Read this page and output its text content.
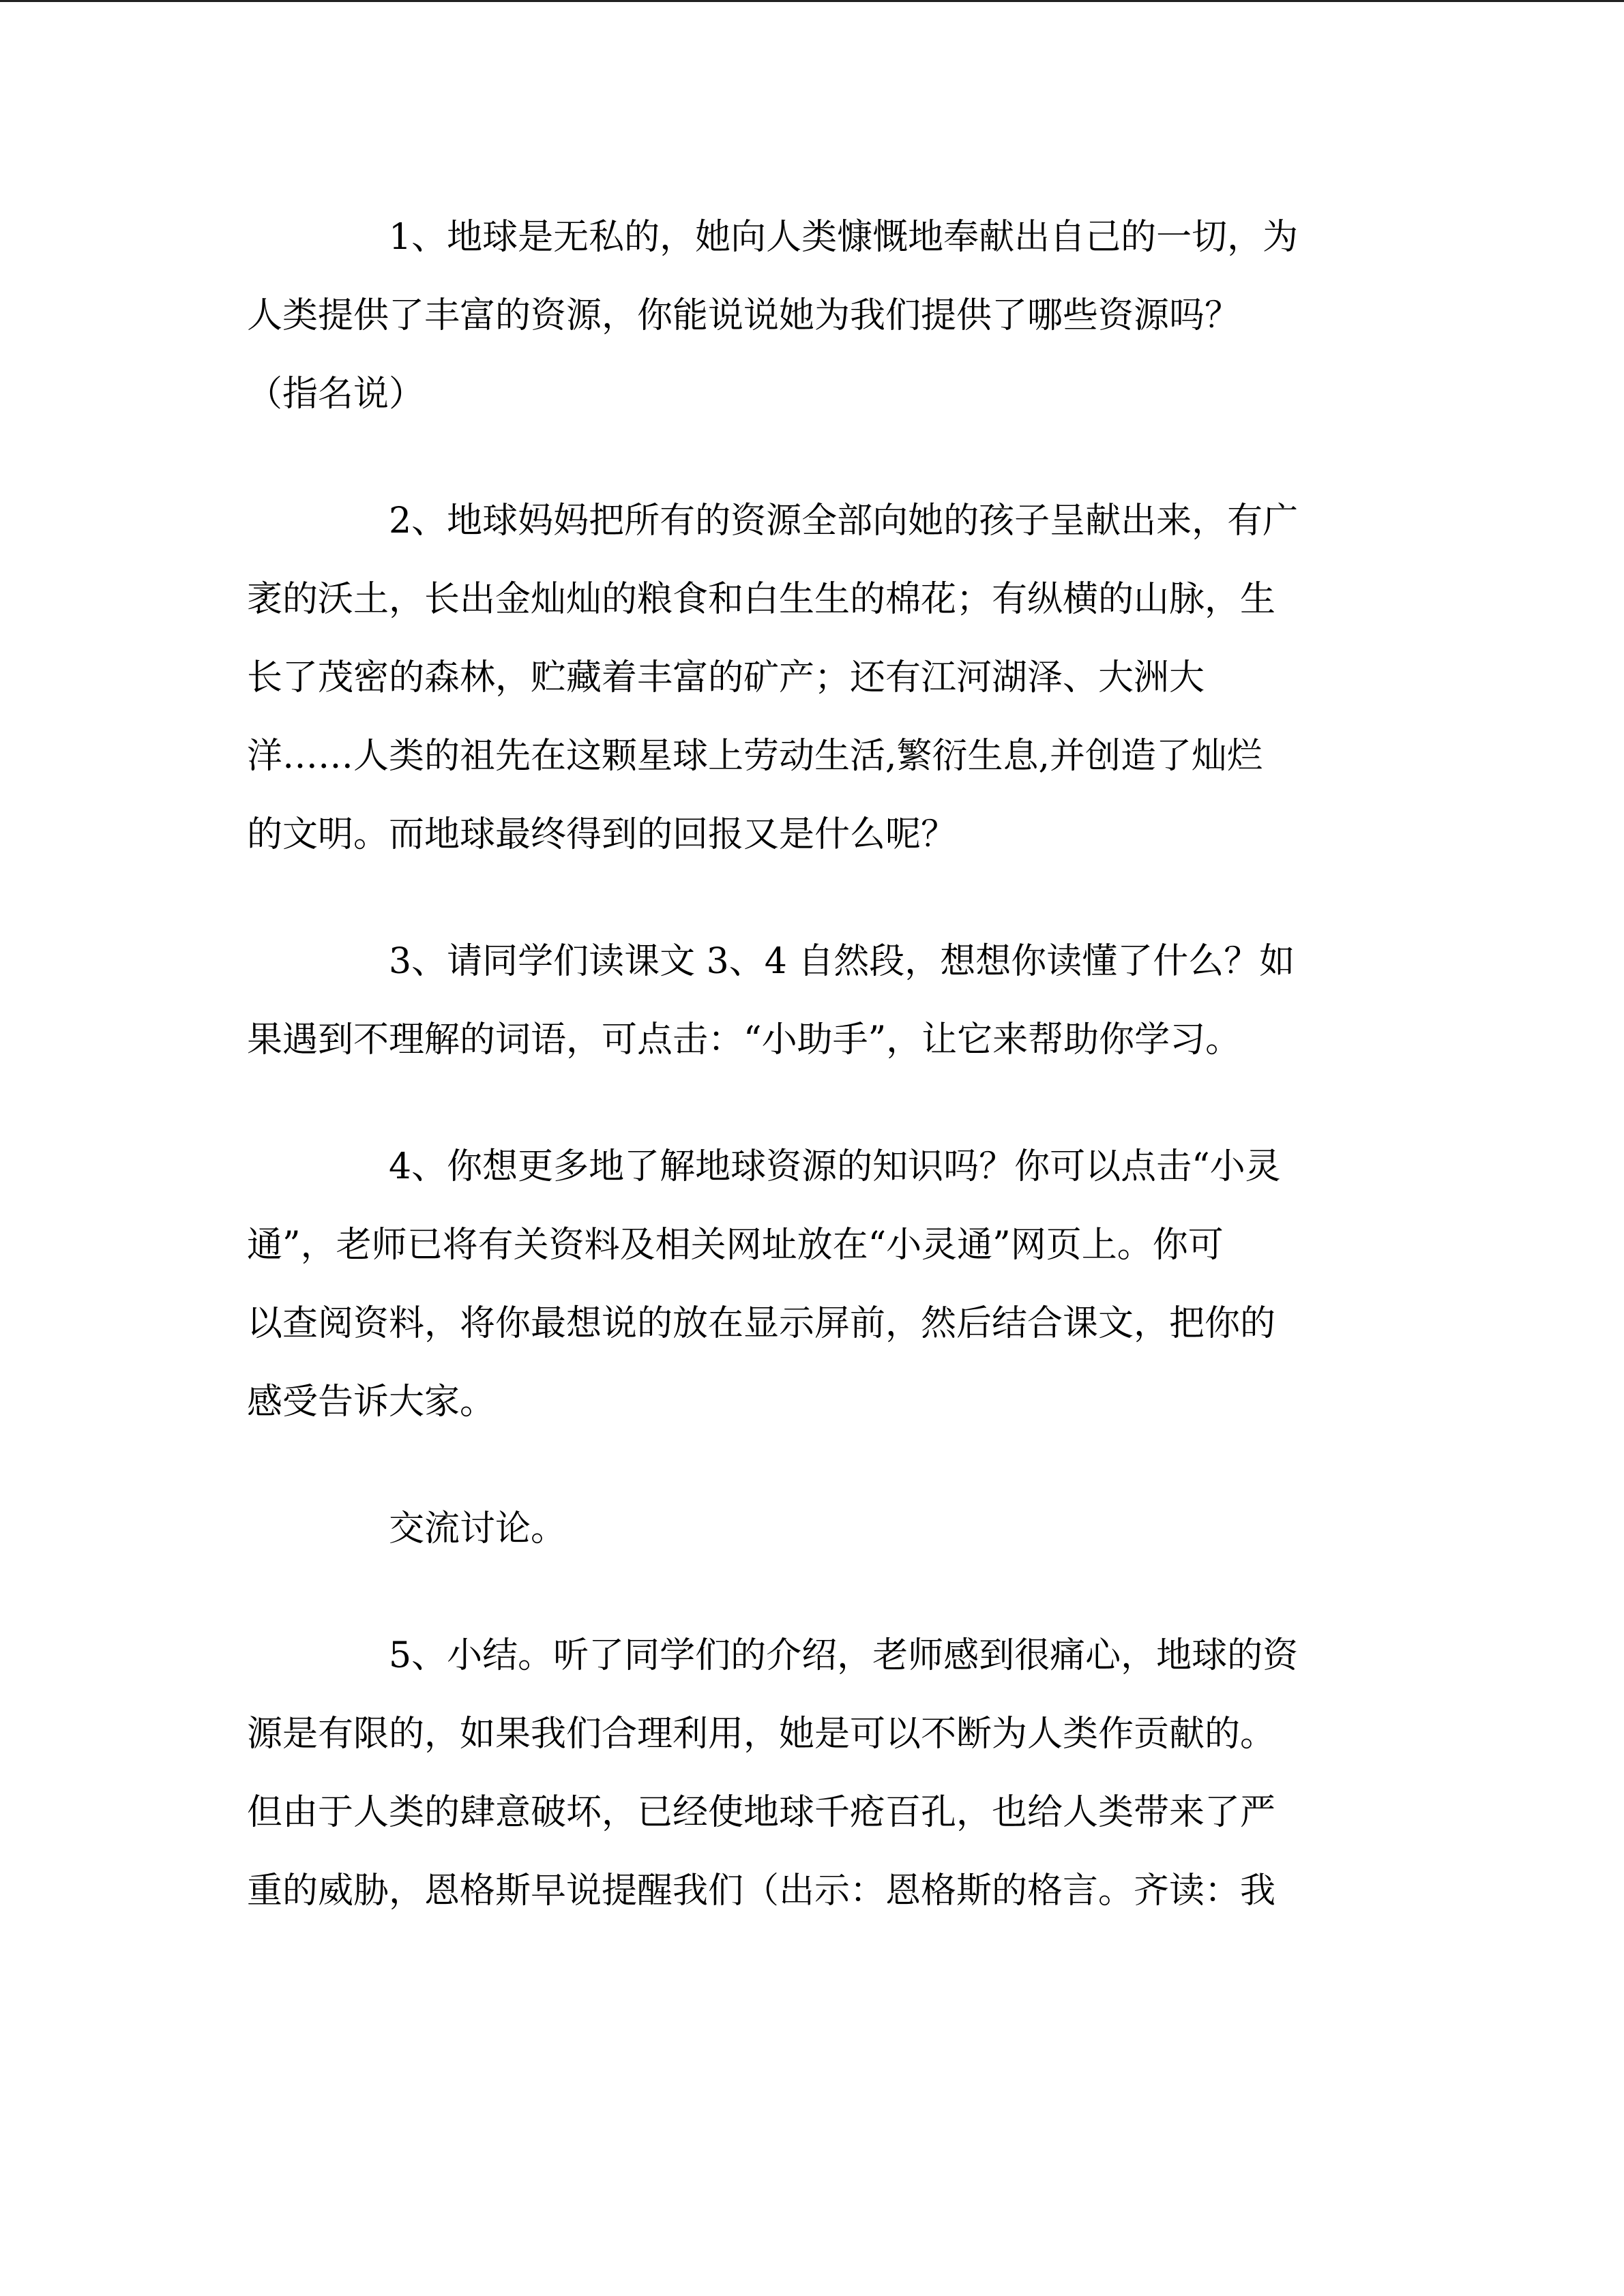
1、地球是无私的，她向人类慷慨地奉献出自己的一切，为
人类提供了丰富的资源，你能说说她为我们提供了哪些资源吗？
（指名说）
2、地球妈妈把所有的资源全部向她的孩子呈献出来，有广
袤的沃土，长出金灿灿的粮食和白生生的棉花；有纵横的山脉，生
长了茂密的森林，贮藏着丰富的矿产；还有江河湖泽、大洲大
洋……人类的祖先在这颗星球上劳动生活,繁衍生息,并创造了灿烂
的文明。而地球最终得到的回报又是什么呢？
3、请同学们读课文 3、4 自然段，想想你读懂了什么？如
果遇到不理解的词语，可点击：“小助手”，让它来帮助你学习。
4、你想更多地了解地球资源的知识吗？你可以点击“小灵
通”，老师已将有关资料及相关网址放在“小灵通”网页上。你可
以查阅资料，将你最想说的放在显示屏前，然后结合课文，把你的
感受告诉大家。
交流讨论。
5、小结。听了同学们的介绍，老师感到很痛心，地球的资
源是有限的，如果我们合理利用，她是可以不断为人类作贡献的。
但由于人类的肆意破坏，已经使地球千疮百孔，也给人类带来了严
重的威胁，恩格斯早说提醒我们（出示：恩格斯的格言。齐读：我
